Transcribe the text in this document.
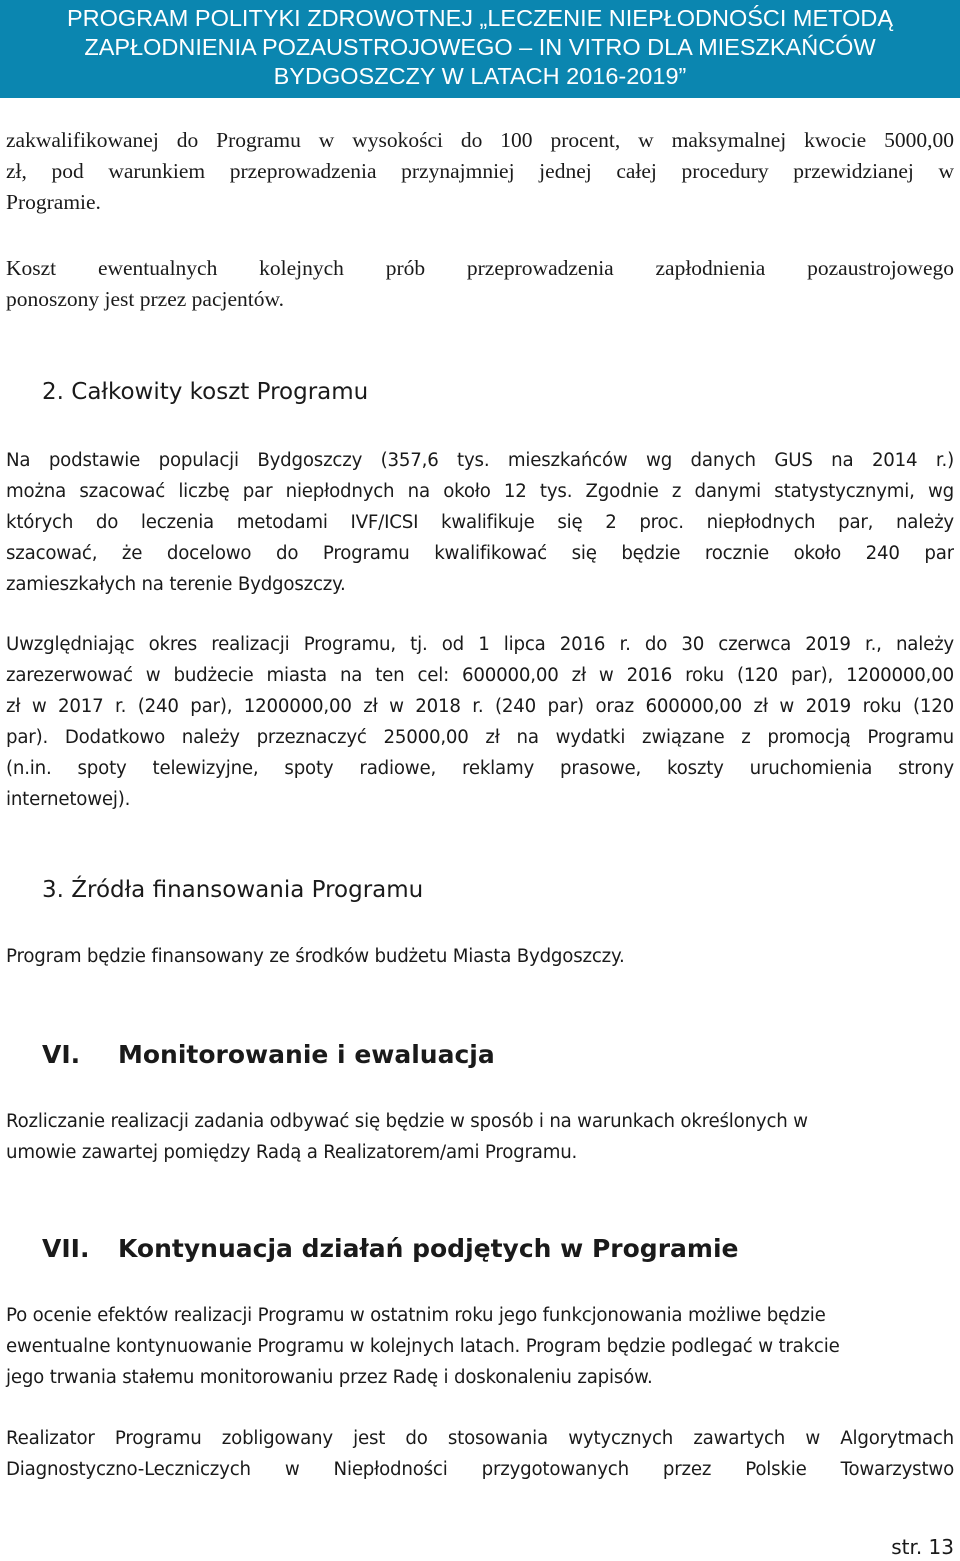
PROGRAM POLITYKI ZDROWOTNEJ „LECZENIE NIEPŁODNOŚCI METODĄ
ZAPŁODNIENIA POZAUSTROJOWEGO – IN VITRO DLA MIESZKAŃCÓW
BYDGOSZCZY W LATACH 2016-2019”
zakwalifikowanej do Programu w wysokości do 100 procent, w maksymalnej kwocie 5000,00
zł, pod warunkiem przeprowadzenia przynajmniej jednej całej procedury przewidzianej w
Programie.
Koszt ewentualnych kolejnych prób przeprowadzenia zapłodnienia pozaustrojowego
ponoszony jest przez pacjentów.
2. Całkowity koszt Programu
Na podstawie populacji Bydgoszczy (357,6 tys. mieszkańców wg danych GUS na 2014 r.)
można szacować liczbę par niepłodnych na około 12 tys. Zgodnie z danymi statystycznymi, wg
których do leczenia metodami IVF/ICSI kwalifikuje się 2 proc. niepłodnych par, należy
szacować, że docelowo do Programu kwalifikować się będzie rocznie około 240 par
zamieszkałych na terenie Bydgoszczy.
Uwzględniając okres realizacji Programu, tj. od 1 lipca 2016 r. do 30 czerwca 2019 r., należy
zarezerwować w budżecie miasta na ten cel: 600000,00 zł w 2016 roku (120 par), 1200000,00
zł w 2017 r. (240 par), 1200000,00 zł w 2018 r. (240 par) oraz 600000,00 zł w 2019 roku (120
par). Dodatkowo należy przeznaczyć 25000,00 zł na wydatki związane z promocją Programu
(n.in. spoty telewizyjne, spoty radiowe, reklamy prasowe, koszty uruchomienia strony
internetowej).
3. Źródła finansowania Programu
Program będzie finansowany ze środków budżetu Miasta Bydgoszczy.
VI. Monitorowanie i ewaluacja
Rozliczanie realizacji zadania odbywać się będzie w sposób i na warunkach określonych w
umowie zawartej pomiędzy Radą a Realizatorem/ami Programu.
VII. Kontynuacja działań podjętych w Programie
Po ocenie efektów realizacji Programu w ostatnim roku jego funkcjonowania możliwe będzie
ewentualne kontynuowanie Programu w kolejnych latach. Program będzie podlegać w trakcie
jego trwania stałemu monitorowaniu przez Radę i doskonaleniu zapisów.
Realizator Programu zobligowany jest do stosowania wytycznych zawartych w Algorytmach
Diagnostyczno-Leczniczych w Niepłodności przygotowanych przez Polskie Towarzystwo
str. 13
